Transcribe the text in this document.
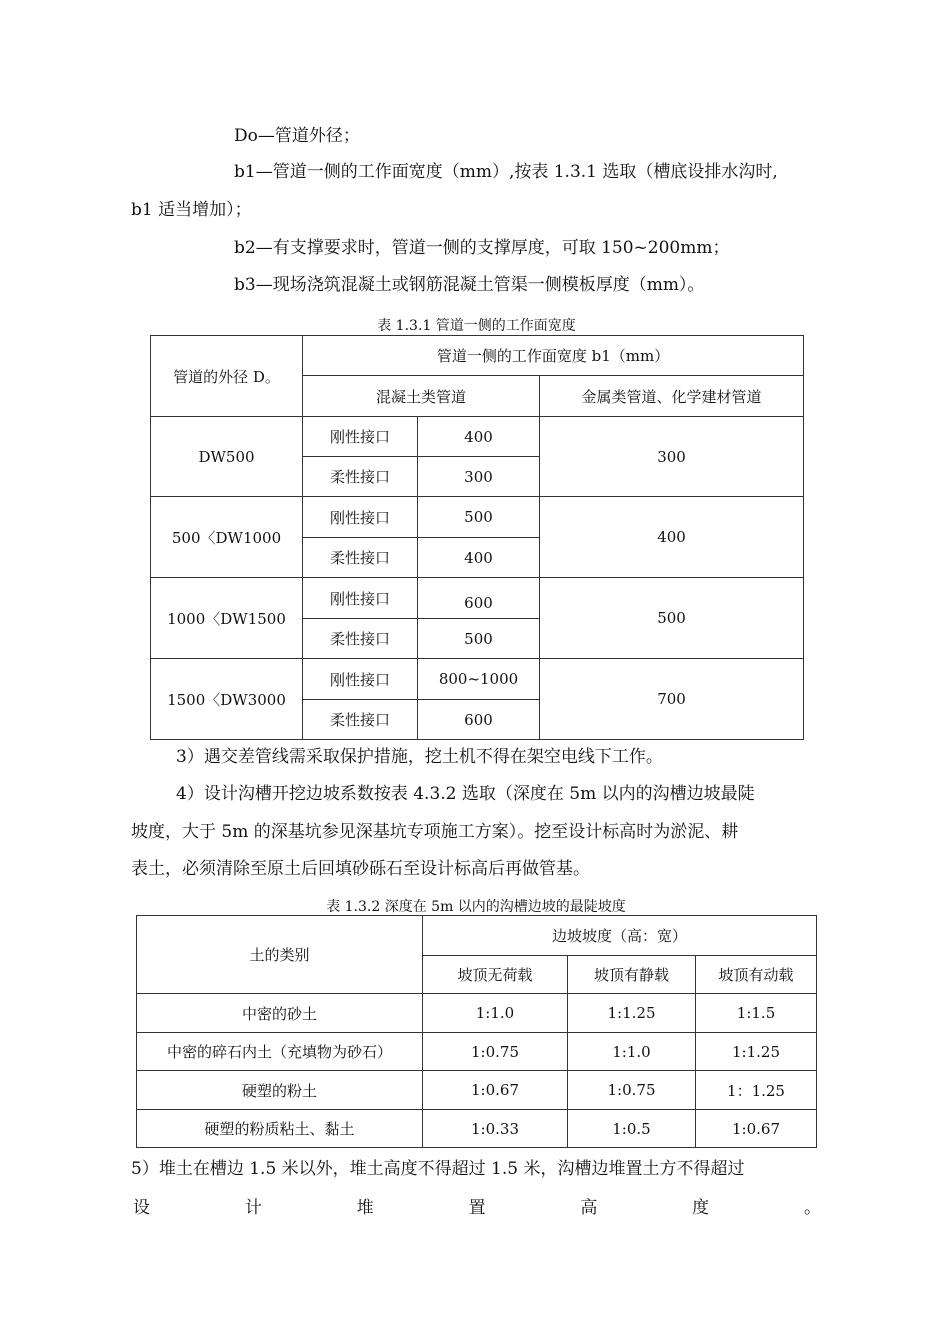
Do—管道外径；
b1—管道一侧的工作面宽度（mm）,按表 1.3.1 选取（槽底设排水沟时,
b1 适当增加）；
b2—有支撑要求时，管道一侧的支撑厚度，可取 150~200mm；
b3—现场浇筑混凝土或钢筋混凝土管渠一侧模板厚度（mm）。
表 1.3.1 管道一侧的工作面宽度
管道的外径 D。	管道一侧的工作面宽度 b1（mm）		
	混凝土类管道		金属类管道、化学建材管道
DW500	刚性接口	400	300
	柔性接口	300	
500〈DW1000	刚性接口	500	400
	柔性接口	400	
1000〈DW1500	刚性接口	600	500
	柔性接口	500	
1500〈DW3000	刚性接口	800~1000	700
	柔性接口	600	
3）遇交差管线需采取保护措施，挖土机不得在架空电线下工作。
4）设计沟槽开挖边坡系数按表 4.3.2 选取（深度在 5m 以内的沟槽边坡最陡
坡度，大于 5m 的深基坑参见深基坑专项施工方案）。挖至设计标高时为淤泥、耕
表土，必须清除至原土后回填砂砾石至设计标高后再做管基。
表 1.3.2 深度在 5m 以内的沟槽边坡的最陡坡度
土的类别	边坡坡度（高：宽）		
	坡顶无荷载	坡顶有静载	坡顶有动载
中密的砂土	1:1.0	1:1.25	1:1.5
中密的碎石内土（充填物为砂石）	1:0.75	1:1.0	1:1.25
硬塑的粉土	1:0.67	1:0.75	1：1.25
硬塑的粉质粘土、黏土	1:0.33	1:0.5	1:0.67
5）堆土在槽边 1.5 米以外，堆土高度不得超过 1.5 米，沟槽边堆置土方不得超过
设	计	堆	置	高	度	。
